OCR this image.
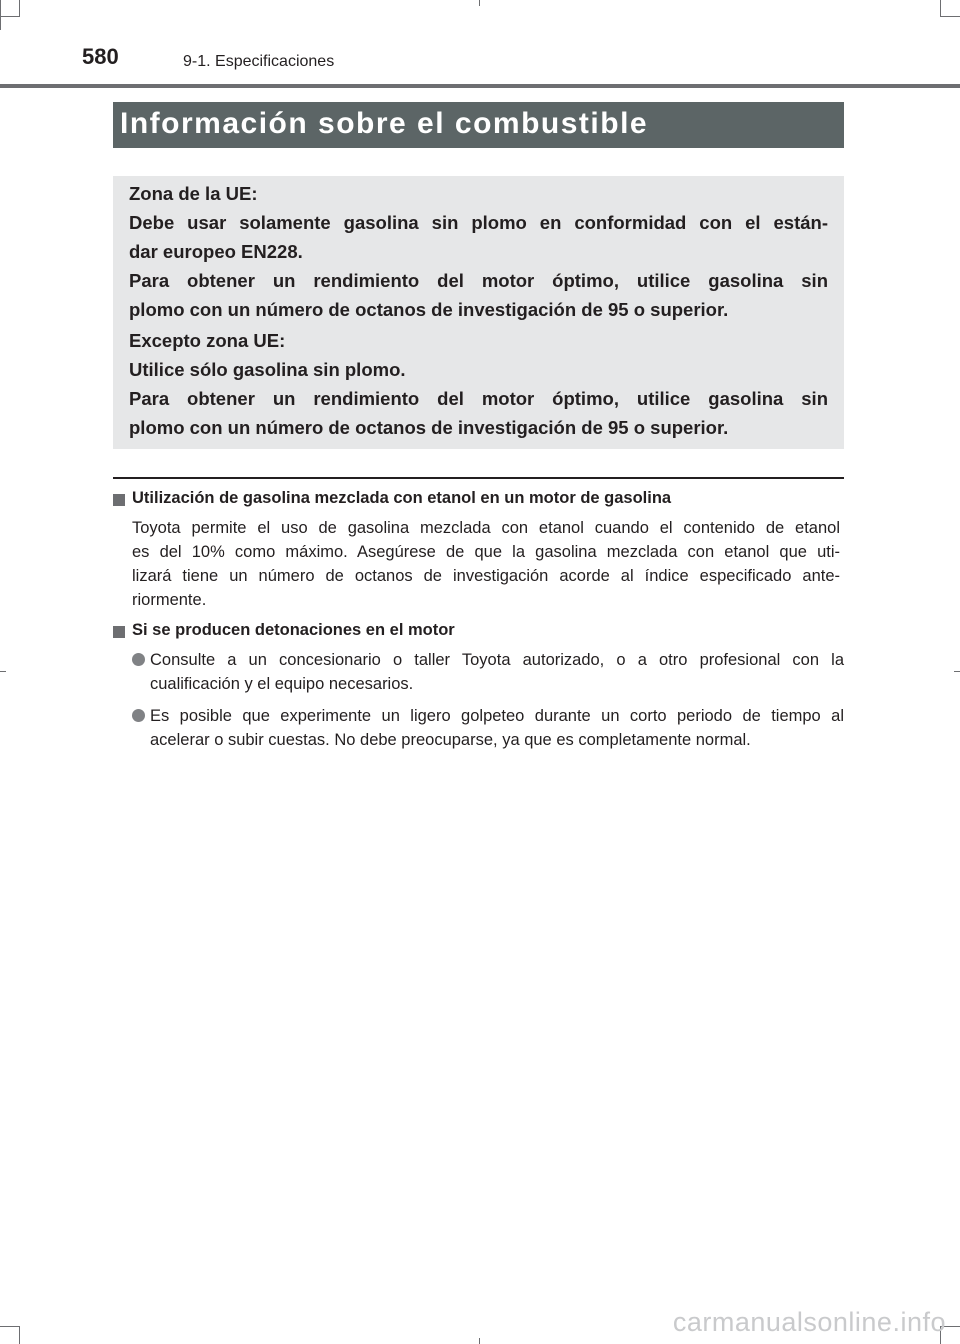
580	9-1. Especificaciones
Información sobre el combustible
Zona de la UE:
Debe usar solamente gasolina sin plomo en conformidad con el están-
dar europeo EN228.
Para obtener un rendimiento del motor óptimo, utilice gasolina sin
plomo con un número de octanos de investigación de 95 o superior.
Excepto zona UE:
Utilice sólo gasolina sin plomo.
Para obtener un rendimiento del motor óptimo, utilice gasolina sin
plomo con un número de octanos de investigación de 95 o superior.
Utilización de gasolina mezclada con etanol en un motor de gasolina
Toyota permite el uso de gasolina mezclada con etanol cuando el contenido de etanol
es del 10% como máximo. Asegúrese de que la gasolina mezclada con etanol que uti-
lizará tiene un número de octanos de investigación acorde al índice especificado ante-
riormente.
Si se producen detonaciones en el motor
Consulte a un concesionario o taller Toyota autorizado, o a otro profesional con la
cualificación y el equipo necesarios.
Es posible que experimente un ligero golpeteo durante un corto periodo de tiempo al
acelerar o subir cuestas. No debe preocuparse, ya que es completamente normal.
carmanualsonline.info
